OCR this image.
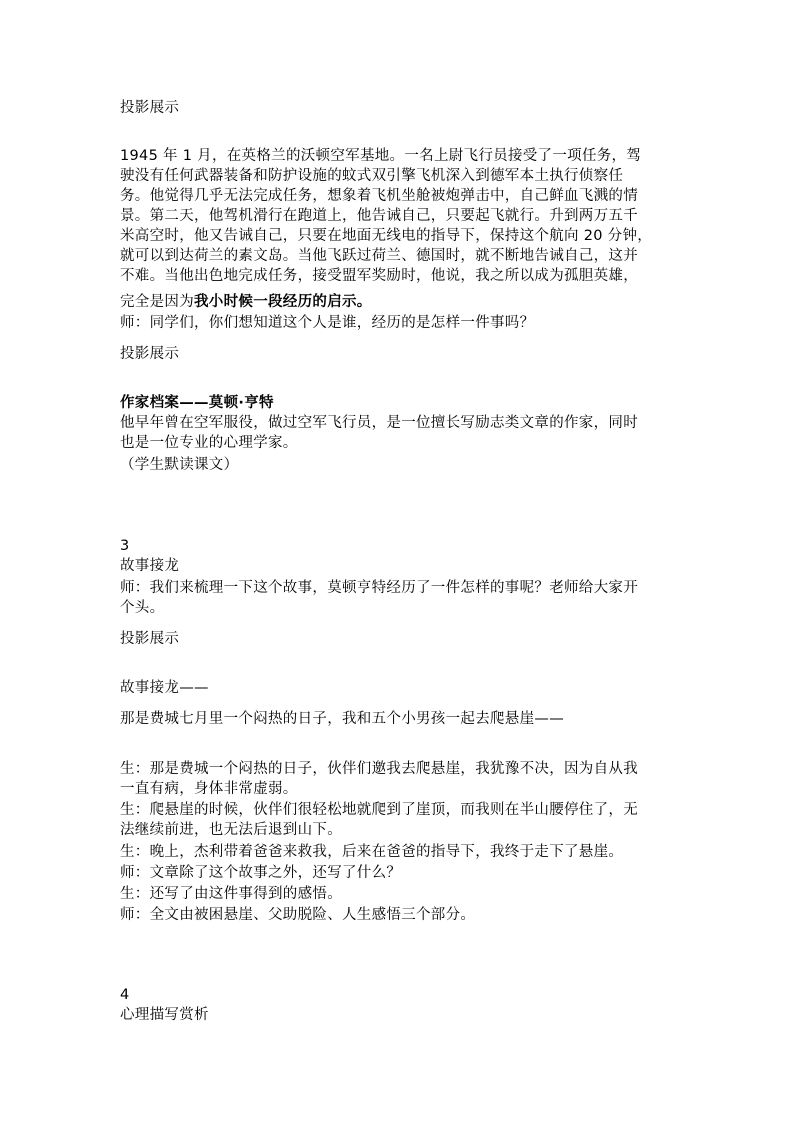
投影展示
1945 年 1 月，在英格兰的沃顿空军基地。一名上尉飞行员接受了一项任务，驾
驶没有任何武器装备和防护设施的蚊式双引擎飞机深入到德军本土执行侦察任
务。他觉得几乎无法完成任务，想象着飞机坐舱被炮弹击中，自己鲜血飞溅的情
景。第二天，他驾机滑行在跑道上，他告诫自己，只要起飞就行。升到两万五千
米高空时，他又告诫自己，只要在地面无线电的指导下，保持这个航向 20 分钟，
就可以到达荷兰的素文岛。当他飞跃过荷兰、德国时，就不断地告诫自己，这并
不难。当他出色地完成任务，接受盟军奖励时，他说，我之所以成为孤胆英雄，
完全是因为我小时候一段经历的启示。
师：同学们，你们想知道这个人是谁，经历的是怎样一件事吗？
投影展示
作家档案——莫顿·亨特
他早年曾在空军服役，做过空军飞行员，是一位擅长写励志类文章的作家，同时
也是一位专业的心理学家。
（学生默读课文）
3
故事接龙
师：我们来梳理一下这个故事，莫顿亨特经历了一件怎样的事呢？老师给大家开
个头。
投影展示
故事接龙——
那是费城七月里一个闷热的日子，我和五个小男孩一起去爬悬崖——
生：那是费城一个闷热的日子，伙伴们邀我去爬悬崖，我犹豫不决，因为自从我
一直有病，身体非常虚弱。
生：爬悬崖的时候，伙伴们很轻松地就爬到了崖顶，而我则在半山腰停住了，无
法继续前进，也无法后退到山下。
生：晚上，杰利带着爸爸来救我，后来在爸爸的指导下，我终于走下了悬崖。
师：文章除了这个故事之外，还写了什么？
生：还写了由这件事得到的感悟。
师：全文由被困悬崖、父助脱险、人生感悟三个部分。
4
心理描写赏析
